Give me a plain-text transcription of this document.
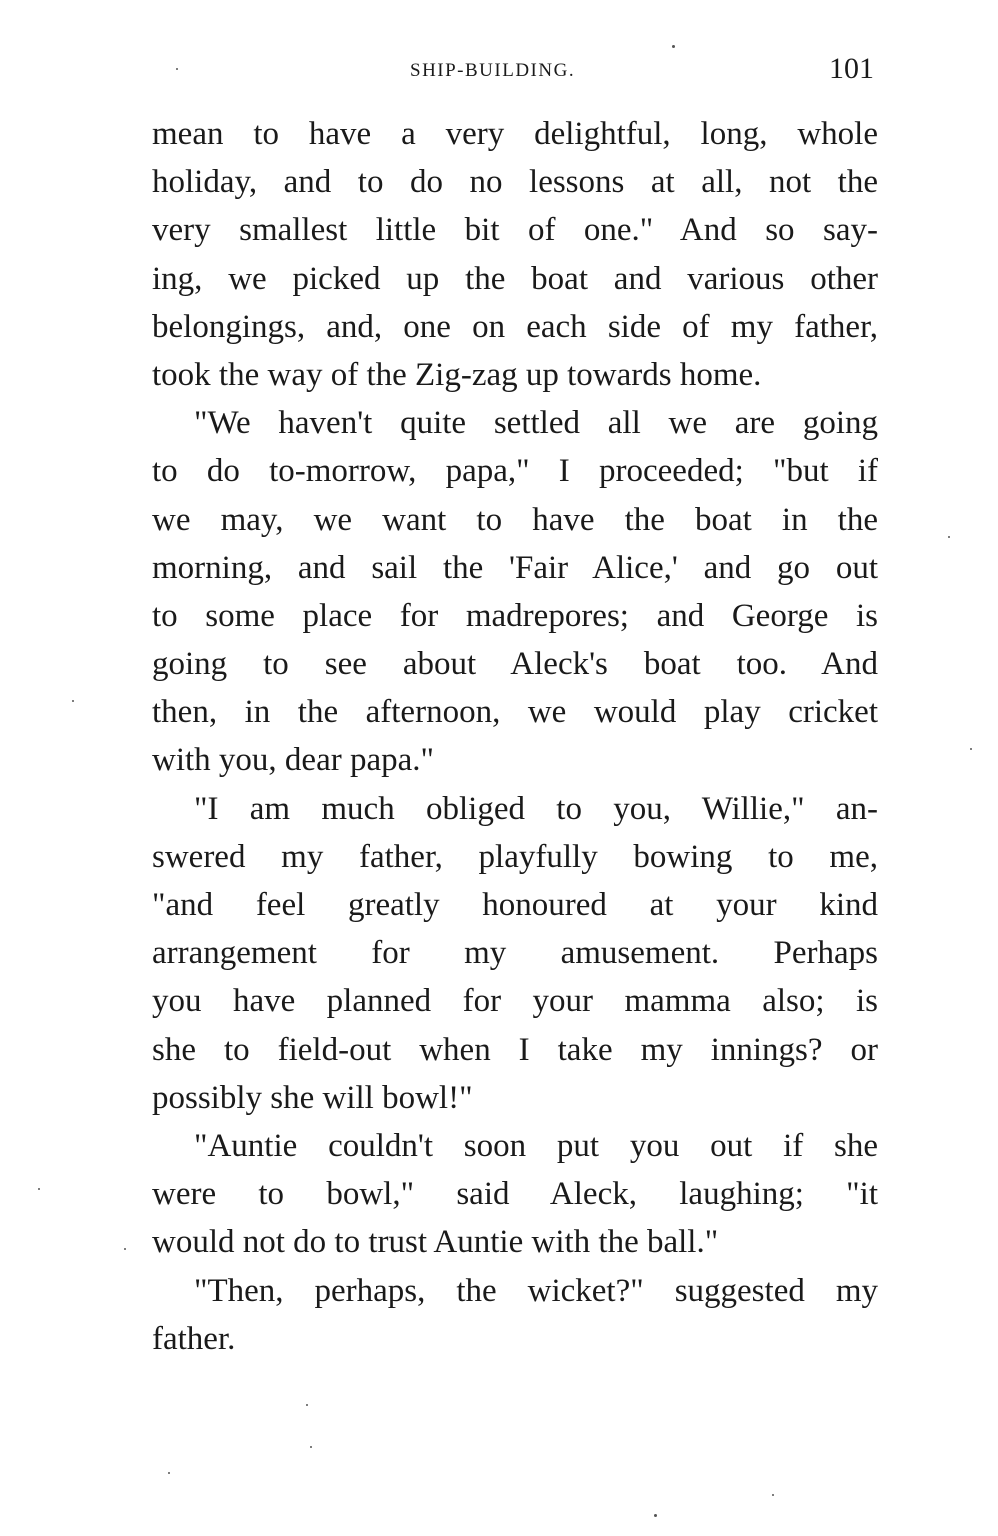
SHIP-BUILDING.	101
mean to have a very delightful, long, whole
holiday, and to do no lessons at all, not the
very smallest little bit of one." And so say-
ing, we picked up the boat and various other
belongings, and, one on each side of my father,
took the way of the Zig-zag up towards home.
"We haven't quite settled all we are going
to do to-morrow, papa," I proceeded; "but if
we may, we want to have the boat in the
morning, and sail the 'Fair Alice,' and go out
to some place for madrepores; and George is
going to see about Aleck's boat too. And
then, in the afternoon, we would play cricket
with you, dear papa."
"I am much obliged to you, Willie," an-
swered my father, playfully bowing to me,
"and feel greatly honoured at your kind
arrangement for my amusement. Perhaps
you have planned for your mamma also; is
she to field-out when I take my innings? or
possibly she will bowl!"
"Auntie couldn't soon put you out if she
were to bowl," said Aleck, laughing; "it
would not do to trust Auntie with the ball."
"Then, perhaps, the wicket?" suggested my
father.
